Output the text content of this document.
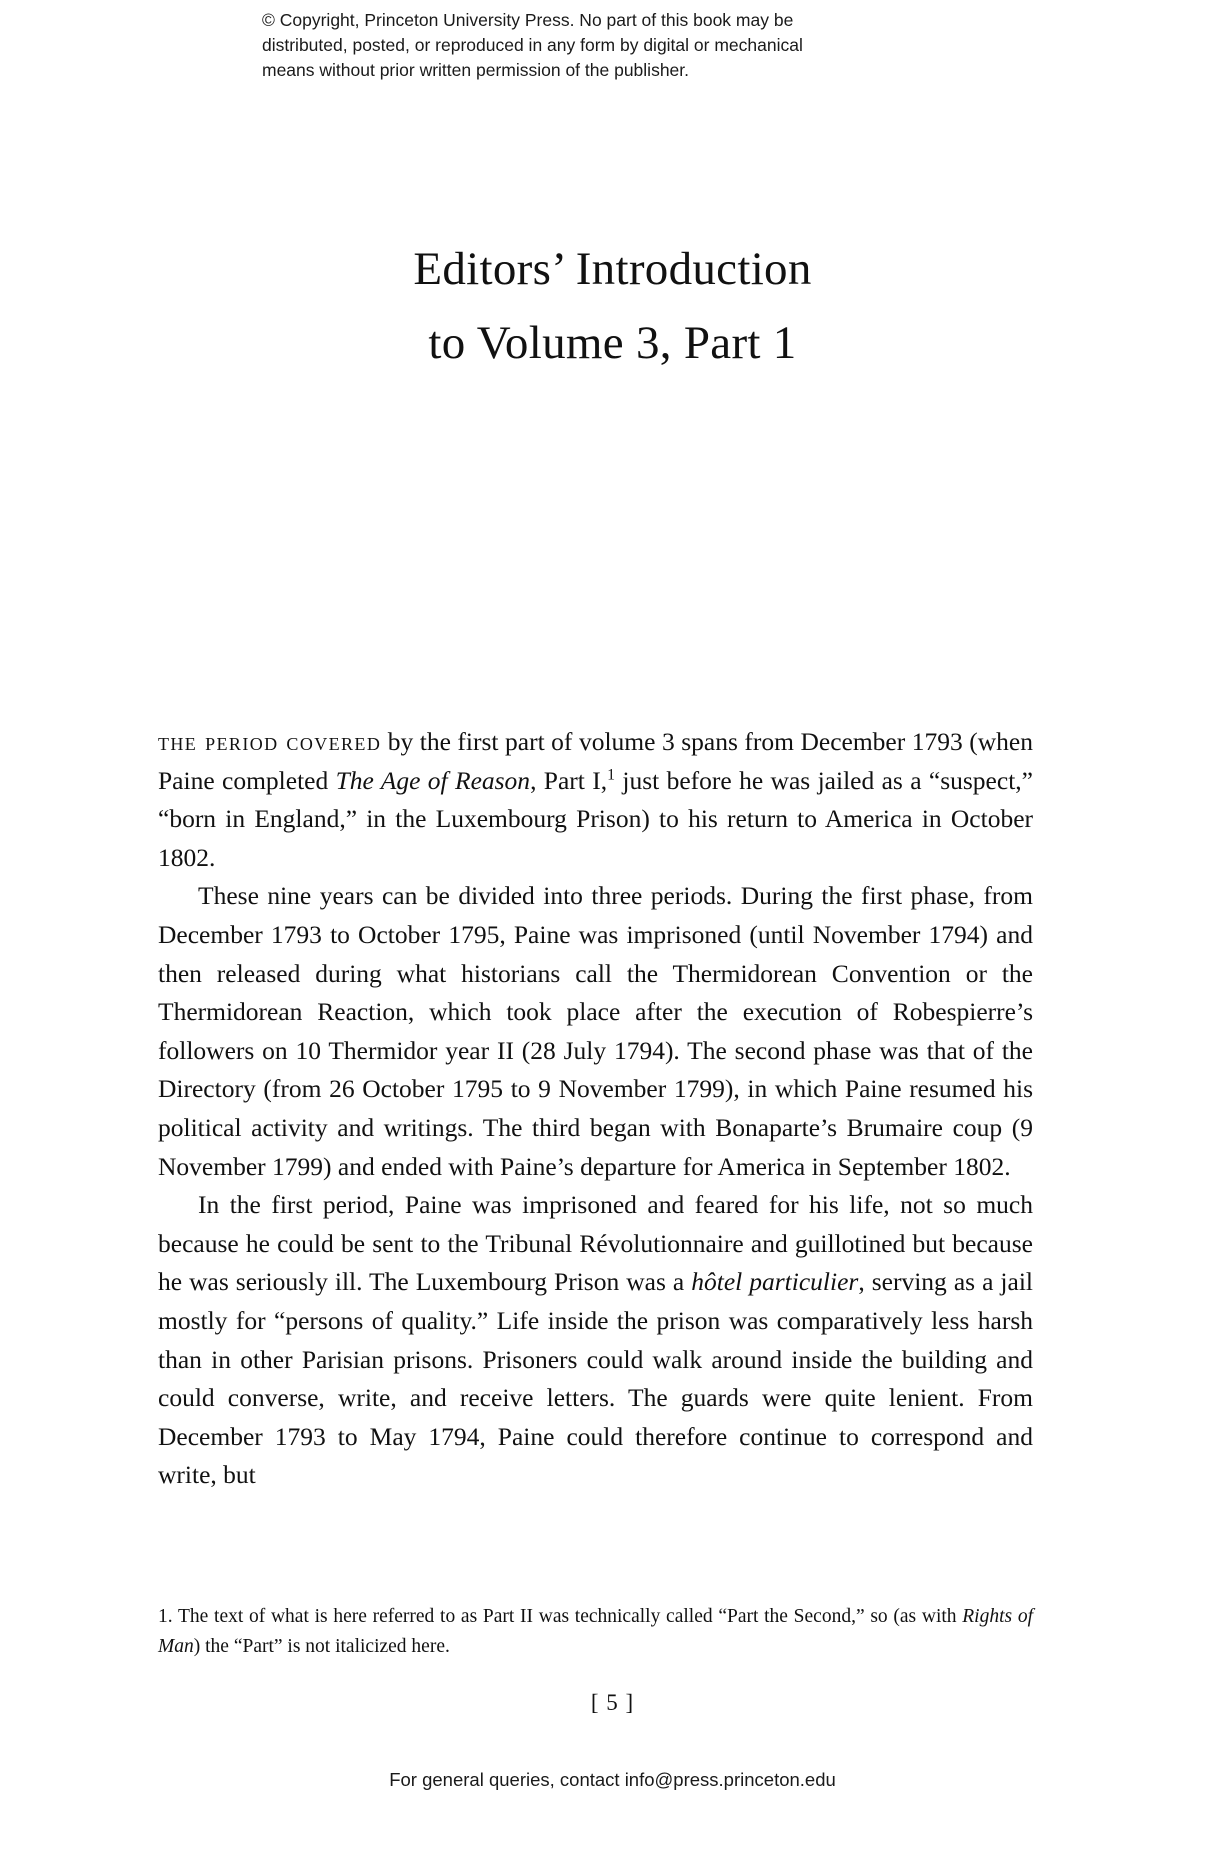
© Copyright, Princeton University Press. No part of this book may be
distributed, posted, or reproduced in any form by digital or mechanical
means without prior written permission of the publisher.
Editors’ Introduction
to Volume 3, Part 1

the period covered by the first part of volume 3 spans from December 1793 (when Paine completed The Age of Reason, Part I,$^1$ just before he was jailed as a “suspect,” “born in England,” in the Luxembourg Prison) to his return to America in October 1802.

These nine years can be divided into three periods. During the first phase, from December 1793 to October 1795, Paine was imprisoned (until November 1794) and then released during what historians call the Thermidorean Convention or the Thermidorean Reaction, which took place after the execution of Robespierre’s followers on 10 Thermidor year II (28 July 1794). The second phase was that of the Directory (from 26 October 1795 to 9 November 1799), in which Paine resumed his political activity and writings. The third began with Bonaparte’s Brumaire coup (9 November 1799) and ended with Paine’s departure for America in September 1802.

In the first period, Paine was imprisoned and feared for his life, not so much because he could be sent to the Tribunal Révolutionnaire and guillotined but because he was seriously ill. The Luxembourg Prison was a hôtel particulier, serving as a jail mostly for “persons of quality.” Life inside the prison was comparatively less harsh than in other Parisian prisons. Prisoners could walk around inside the building and could converse, write, and receive letters. The guards were quite lenient. From December 1793 to May 1794, Paine could therefore continue to correspond and write, but

1. The text of what is here referred to as Part II was technically called “Part the Second,” so (as with Rights of Man) the “Part” is not italicized here.
[ 5 ]
For general queries, contact info@press.princeton.edu
